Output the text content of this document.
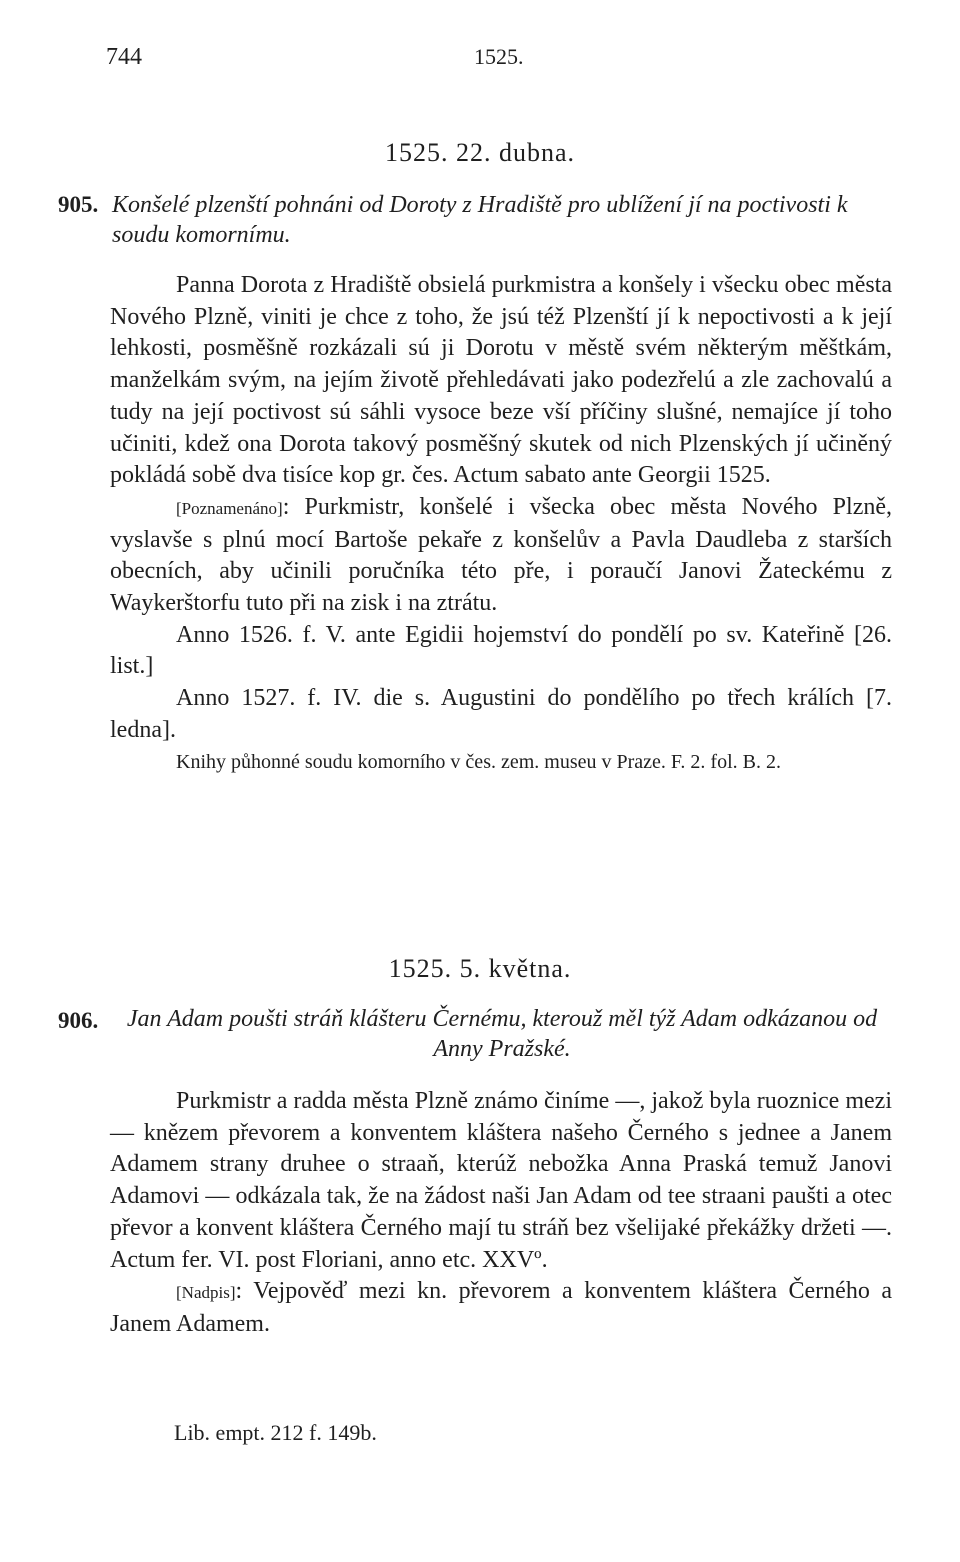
744	1525.
1525. 22. dubna.
905. Konšelé plzenští pohnáni od Doroty z Hradiště pro ublížení jí na poctivosti k soudu komornímu.

Panna Dorota z Hradiště obsielá purkmistra a konšely i všecku obec města Nového Plzně, viniti je chce z toho, že jsú též Plzenští jí k nepoctivosti a k její lehkosti, posměšně rozkázali sú ji Dorotu v městě svém některým měštkám, manželkám svým, na jejím životě přehledávati jako podezřelú a zle zachovalú a tudy na její poctivost sú sáhli vysoce beze vší příčiny slušné, nemajíce jí toho učiniti, kdež ona Dorota takový posměšný skutek od nich Plzenských jí učiněný pokládá sobě dva tisíce kop gr. čes. Actum sabato ante Georgii 1525.

[Poznamenáno]: Purkmistr, konšelé i všecka obec města Nového Plzně, vyslavše s plnú mocí Bartoše pekaře z konšelův a Pavla Daudleba z starších obecních, aby učinili poručníka této pře, i poraučí Janovi Žateckému z Waykerštorfu tuto při na zisk i na ztrátu.

Anno 1526. f. V. ante Egidii hojemství do pondělí po sv. Kateřině [26. list.]

Anno 1527. f. IV. die s. Augustini do pondělího po třech králích [7. ledna].

Knihy půhonné soudu komorního v čes. zem. museu v Praze. F. 2. fol. B. 2.

1525. 5. května.
906.	Jan Adam poušti stráň klášteru Černému, kterouž měl týž Adam odkázanou od Anny Pražské.

Purkmistr a radda města Plzně známo činíme —, jakož byla ruoznice mezi — knězem převorem a konventem kláštera našeho Černého s jednee a Janem Adamem strany druhee o straaň, kterúž nebožka Anna Praská temuž Janovi Adamovi — odkázala tak, že na žádost naši Jan Adam od tee straani paušti a otec převor a konvent kláštera Černého mají tu stráň bez všelijaké překážky držeti —. Actum fer. VI. post Floriani, anno etc. XXVº.

[Nadpis]: Vejpověď mezi kn. převorem a konventem kláštera Černého a Janem Adamem.

Lib. empt. 212 f. 149b.
